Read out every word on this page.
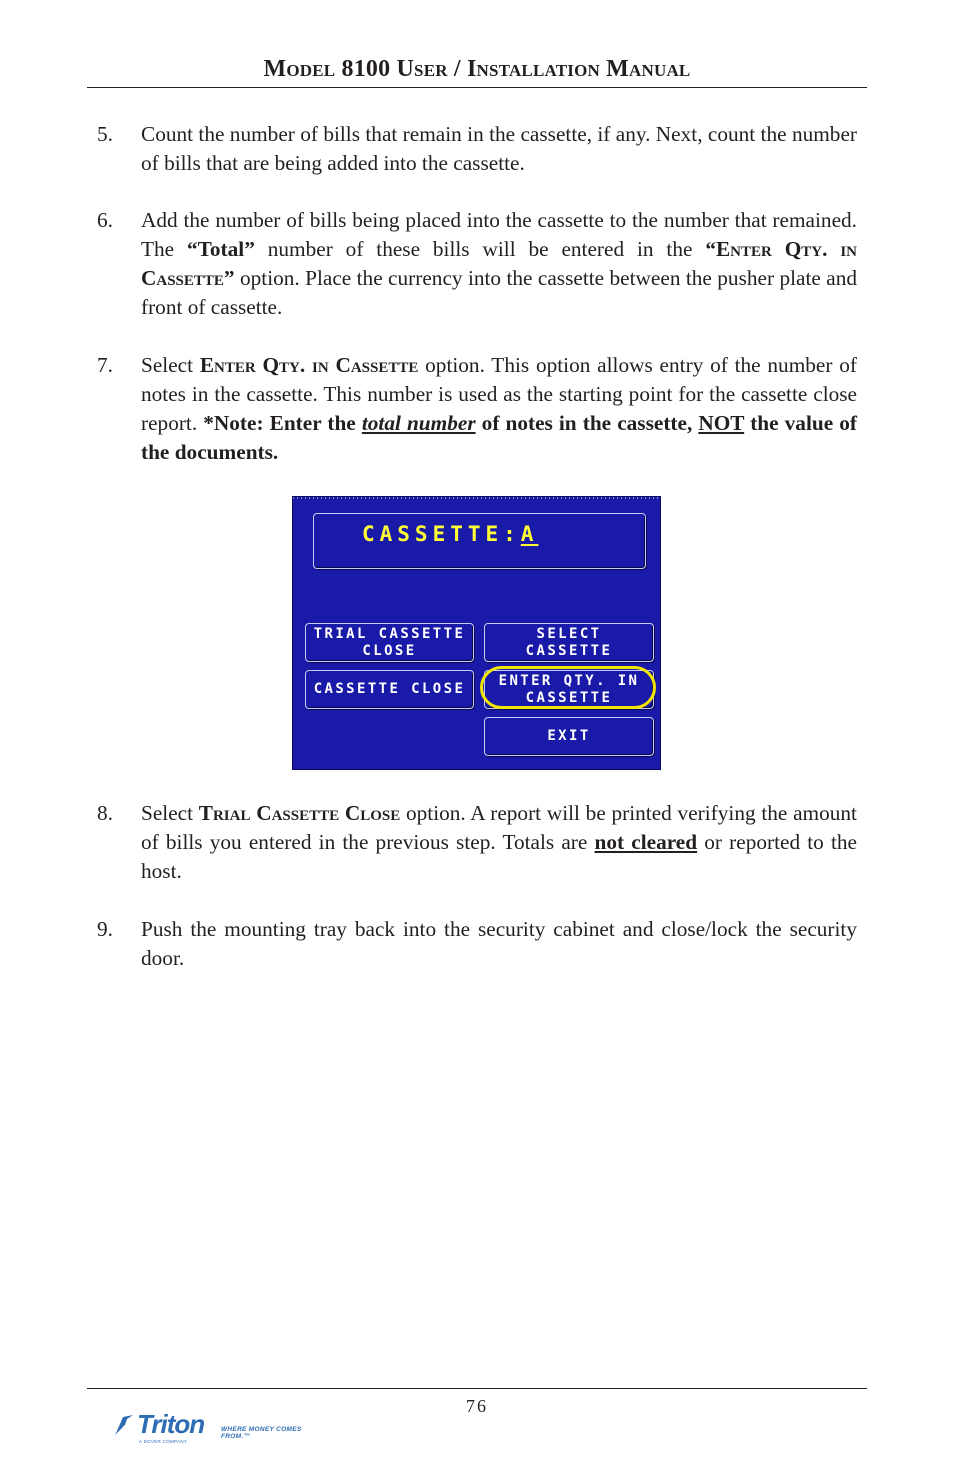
Model 8100 User / Installation Manual
5.	Count the number of bills that remain in the cassette, if any. Next, count the number of bills that are being added into the cassette.
6.	Add the number of bills being placed into the cassette to the number that remained. The “Total” number of these bills will be entered in the “Enter Qty. in Cassette” option. Place the currency into the cassette between the pusher plate and front of cassette.
7.	Select Enter Qty. in Cassette option. This option allows entry of the number of notes in the cassette. This number is used as the starting point for the cassette close report. *Note: Enter the total number of notes in the cassette, NOT the value of the documents.
CASSETTE:A
TRIAL CASSETTE
CLOSE
CASSETTE CLOSE
SELECT
CASSETTE
ENTER QTY. IN
CASSETTE
EXIT
8.	Select Trial Cassette Close option. A report will be printed verifying the amount of bills you entered in the previous step. Totals are not cleared or reported to the host.
9.	Push the mounting tray back into the security cabinet and close/lock the security door.
76
Triton	WHERE MONEY COMES FROM.™
A DOVER COMPANY
